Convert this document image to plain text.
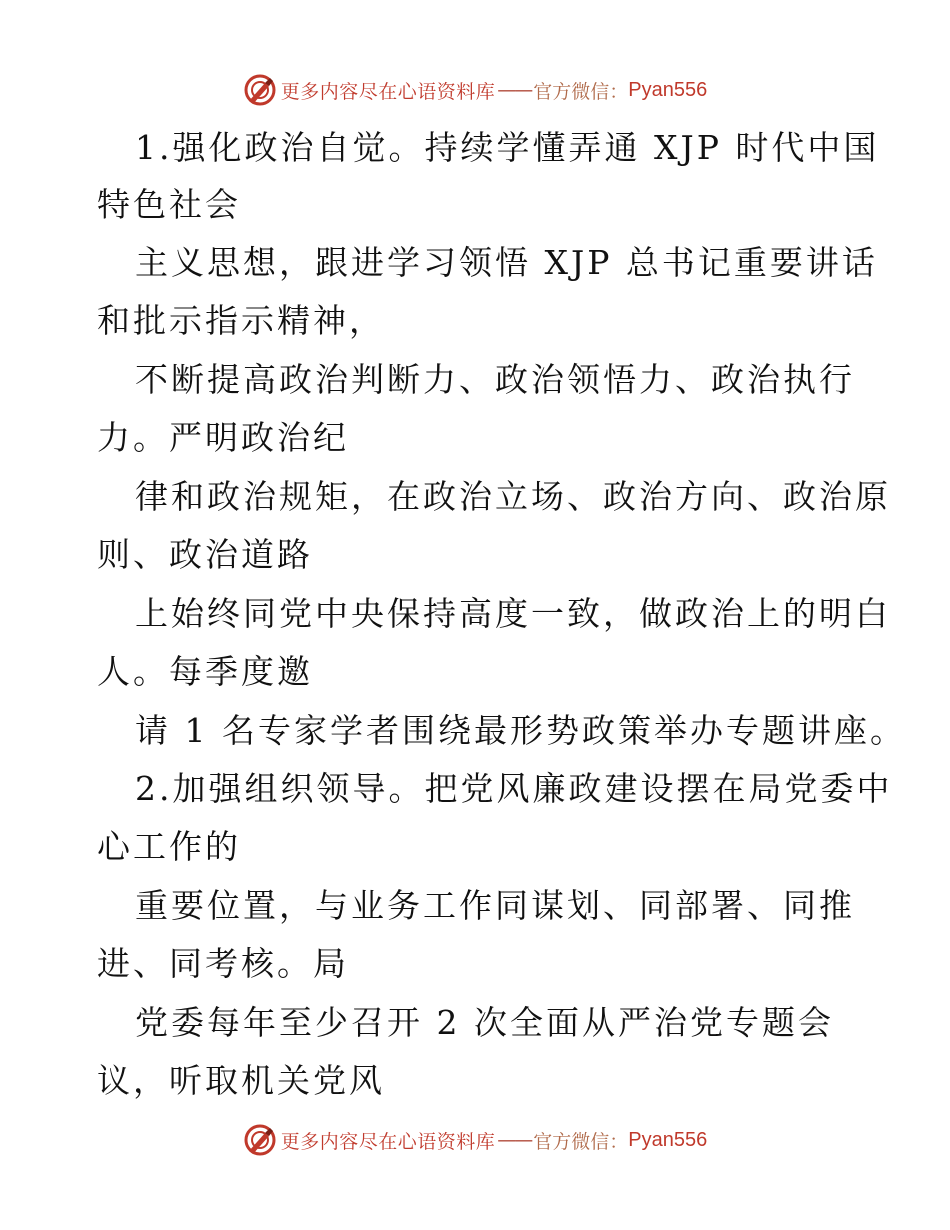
更多内容尽在心语资料库 —— 官方微信： Pyan556
1.强化政治自觉。持续学懂弄通 XJP 时代中国
特色社会
主义思想，跟进学习领悟 XJP 总书记重要讲话
和批示指示精神，
不断提高政治判断力、政治领悟力、政治执行
力。严明政治纪
律和政治规矩，在政治立场、政治方向、政治原
则、政治道路
上始终同党中央保持高度一致，做政治上的明白
人。每季度邀
请 1 名专家学者围绕最形势政策举办专题讲座。
2.加强组织领导。把党风廉政建设摆在局党委中
心工作的
重要位置，与业务工作同谋划、同部署、同推
进、同考核。局
党委每年至少召开 2 次全面从严治党专题会
议，听取机关党风
更多内容尽在心语资料库 —— 官方微信： Pyan556
